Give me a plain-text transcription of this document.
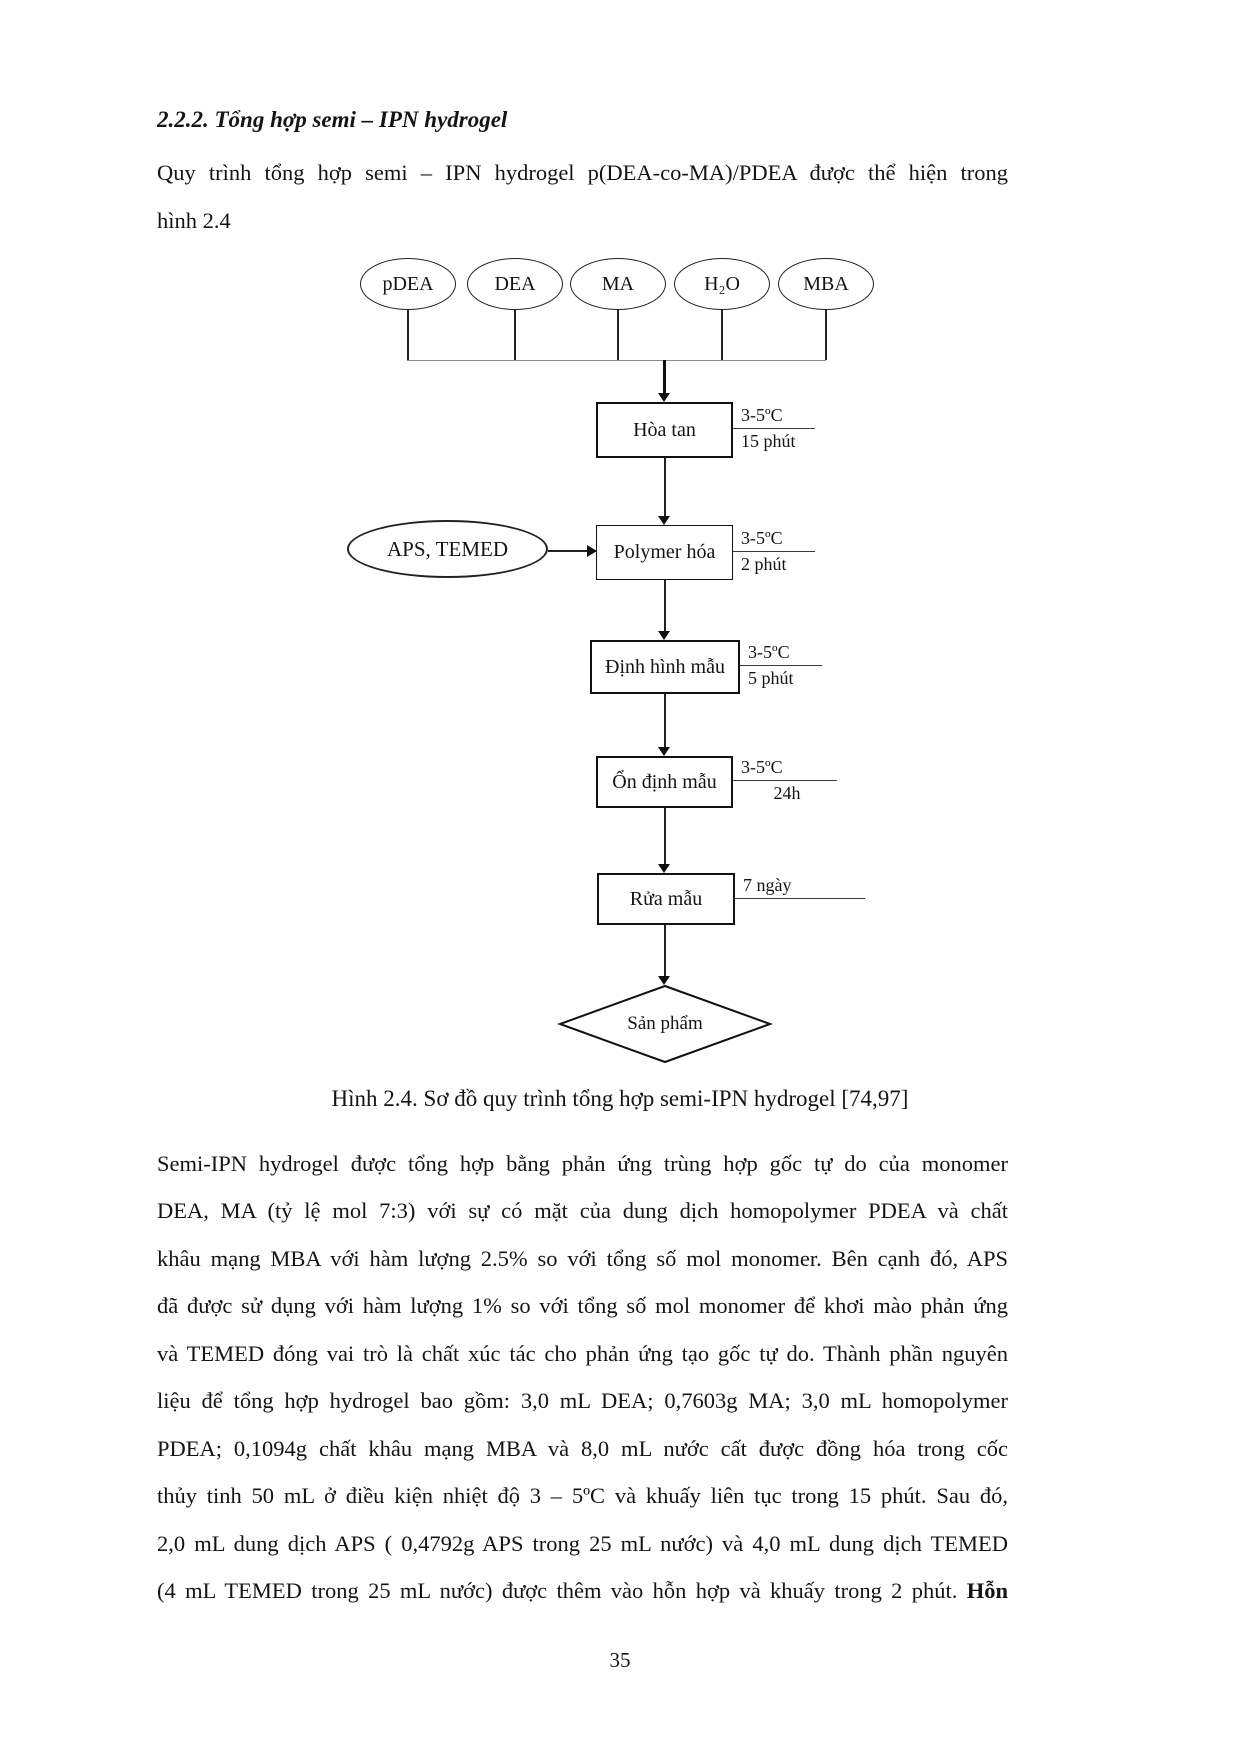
2.2.2. Tổng hợp semi – IPN hydrogel
Quy trình tổng hợp semi – IPN hydrogel p(DEA-co-MA)/PDEA được thể hiện trong
hình 2.4
pDEA	DEA	MA	H₂O	MBA
Hòa tan
3-5ºC
15 phút
APS, TEMED	Polymer hóa
3-5ºC
2 phút
Định hình mẫu
3-5ºC
5 phút
Ổn định mẫu
3-5ºC
24h
Rửa mẫu
7 ngày
Sản phẩm
Hình 2.4. Sơ đồ quy trình tổng hợp semi-IPN hydrogel [74,97]
Semi-IPN hydrogel được tổng hợp bằng phản ứng trùng hợp gốc tự do của monomer
DEA, MA (tỷ lệ mol 7:3) với sự có mặt của dung dịch homopolymer PDEA và chất
khâu mạng MBA với hàm lượng 2.5% so với tổng số mol monomer. Bên cạnh đó, APS
đã được sử dụng với hàm lượng 1% so với tổng số mol monomer để khơi mào phản ứng
và TEMED đóng vai trò là chất xúc tác cho phản ứng tạo gốc tự do. Thành phần nguyên
liệu để tổng hợp hydrogel bao gồm: 3,0 mL DEA; 0,7603g MA; 3,0 mL homopolymer
PDEA; 0,1094g chất khâu mạng MBA và 8,0 mL nước cất được đồng hóa trong cốc
thủy tinh 50 mL ở điều kiện nhiệt độ 3 – 5ºC và khuấy liên tục trong 15 phút. Sau đó,
2,0 mL dung dịch APS ( 0,4792g APS trong 25 mL nước) và 4,0 mL dung dịch TEMED
(4 mL TEMED trong 25 mL nước) được thêm vào hỗn hợp và khuấy trong 2 phút. Hỗn
35
